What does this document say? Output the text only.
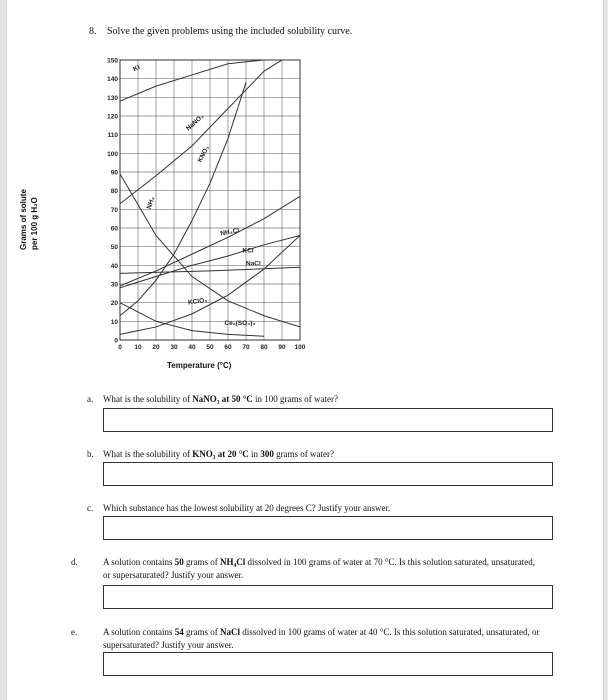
8. Solve the given problems using the included solubility curve.
Grams of solute per 100 g H₂O
0
10
20
30
40
50
60
70
80
90
100
110
120
130
140
150
0 10 20 30 40 50 60 70 80 90 100
KI
NaNO₃
KNO₃
NH₃
NH₄Cl
KCl
NaCl
KClO₃
Ce₂(SO₄)₃
Temperature (°C)
a. What is the solubility of NaNO₃ at 50 °C in 100 grams of water?
b. What is the solubility of KNO₃ at 20 °C in 300 grams of water?
c. Which substance has the lowest solubility at 20 degrees C? Justify your answer.
d.	A solution contains 50 grams of NH₄Cl dissolved in 100 grams of water at 70 °C. Is this solution saturated, unsaturated, or supersaturated? Justify your answer.
e.	A solution contains 54 grams of NaCl dissolved in 100 grams of water at 40 °C. Is this solution saturated, unsaturated, or supersaturated? Justify your answer.
